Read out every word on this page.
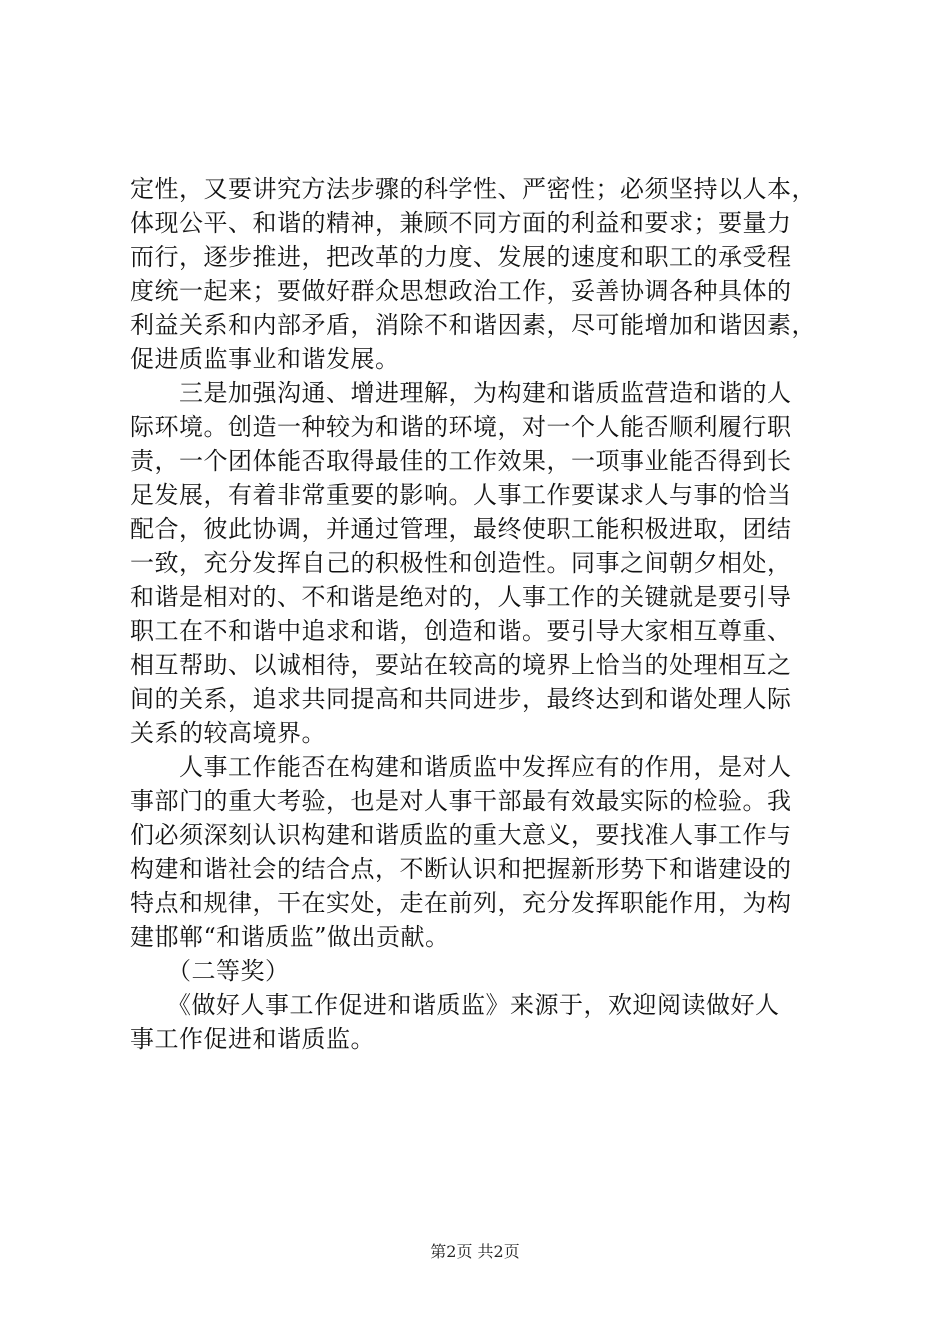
定性，又要讲究方法步骤的科学性、严密性；必须坚持以人本，
体现公平、和谐的精神，兼顾不同方面的利益和要求；要量力
而行，逐步推进，把改革的力度、发展的速度和职工的承受程
度统一起来；要做好群众思想政治工作，妥善协调各种具体的
利益关系和内部矛盾，消除不和谐因素，尽可能增加和谐因素，
促进质监事业和谐发展。
　　三是加强沟通、增进理解，为构建和谐质监营造和谐的人
际环境。创造一种较为和谐的环境，对一个人能否顺利履行职
责，一个团体能否取得最佳的工作效果，一项事业能否得到长
足发展，有着非常重要的影响。人事工作要谋求人与事的恰当
配合，彼此协调，并通过管理，最终使职工能积极进取，团结
一致，充分发挥自己的积极性和创造性。同事之间朝夕相处，
和谐是相对的、不和谐是绝对的，人事工作的关键就是要引导
职工在不和谐中追求和谐，创造和谐。要引导大家相互尊重、
相互帮助、以诚相待，要站在较高的境界上恰当的处理相互之
间的关系，追求共同提高和共同进步，最终达到和谐处理人际
关系的较高境界。
　　人事工作能否在构建和谐质监中发挥应有的作用，是对人
事部门的重大考验，也是对人事干部最有效最实际的检验。我
们必须深刻认识构建和谐质监的重大意义，要找准人事工作与
构建和谐社会的结合点，不断认识和把握新形势下和谐建设的
特点和规律，干在实处，走在前列，充分发挥职能作用，为构
建邯郸“和谐质监”做出贡献。
　　（二等奖）
　　《做好人事工作促进和谐质监》来源于，欢迎阅读做好人
事工作促进和谐质监。
第2页 共2页
